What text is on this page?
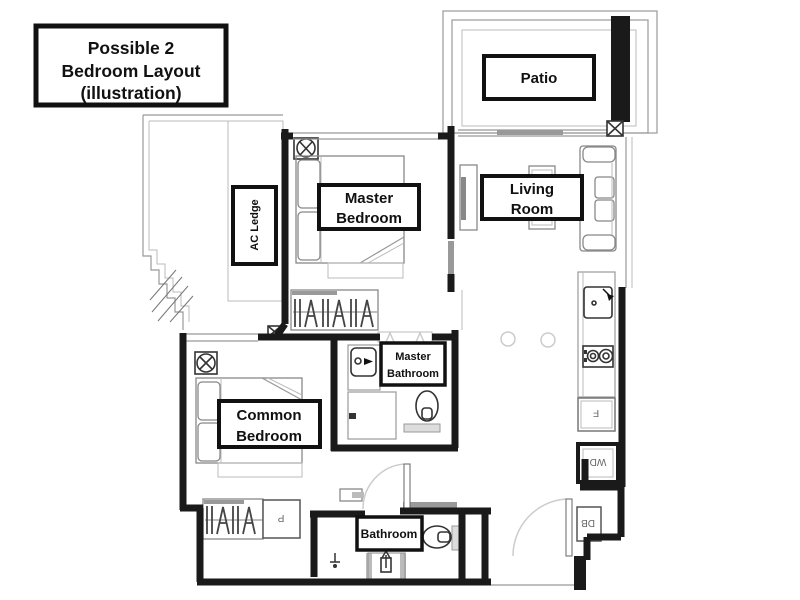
F
WD
P	DB
Possible 2
Bedroom Layout
(illustration)
Patio
Master
Bedroom
Living
Room
AC Ledge
Master
Bathroom
Common
Bedroom
Bathroom
